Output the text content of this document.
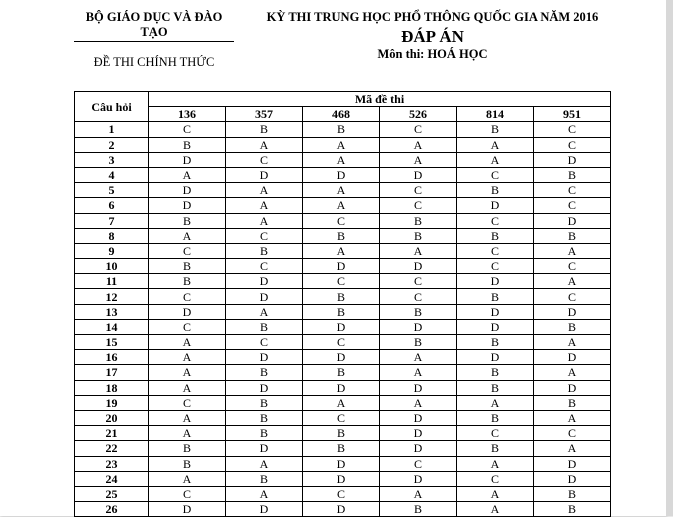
BỘ GIÁO DỤC VÀ ĐÀO TẠO
ĐỀ THI CHÍNH THỨC
KỲ THI TRUNG HỌC PHỔ THÔNG QUỐC GIA NĂM 2016
ĐÁP ÁN
Môn thi: HOÁ HỌC
Câu hỏi	Mã đề thi					
	136	357	468	526	814	951
1	C	B	B	C	B	C
2	B	A	A	A	A	C
3	D	C	A	A	A	D
4	A	D	D	D	C	B
5	D	A	A	C	B	C
6	D	A	A	C	D	C
7	B	A	C	B	C	D
8	A	C	B	B	B	B
9	C	B	A	A	C	A
10	B	C	D	D	C	C
11	B	D	C	C	D	A
12	C	D	B	C	B	C
13	D	A	B	B	D	D
14	C	B	D	D	D	B
15	A	C	C	B	B	A
16	A	D	D	A	D	D
17	A	B	B	A	B	A
18	A	D	D	D	B	D
19	C	B	A	A	A	B
20	A	B	C	D	B	A
21	A	B	B	D	C	C
22	B	D	B	D	B	A
23	B	A	D	C	A	D
24	A	B	D	D	C	D
25	C	A	C	A	A	B
26	D	D	D	B	A	B
